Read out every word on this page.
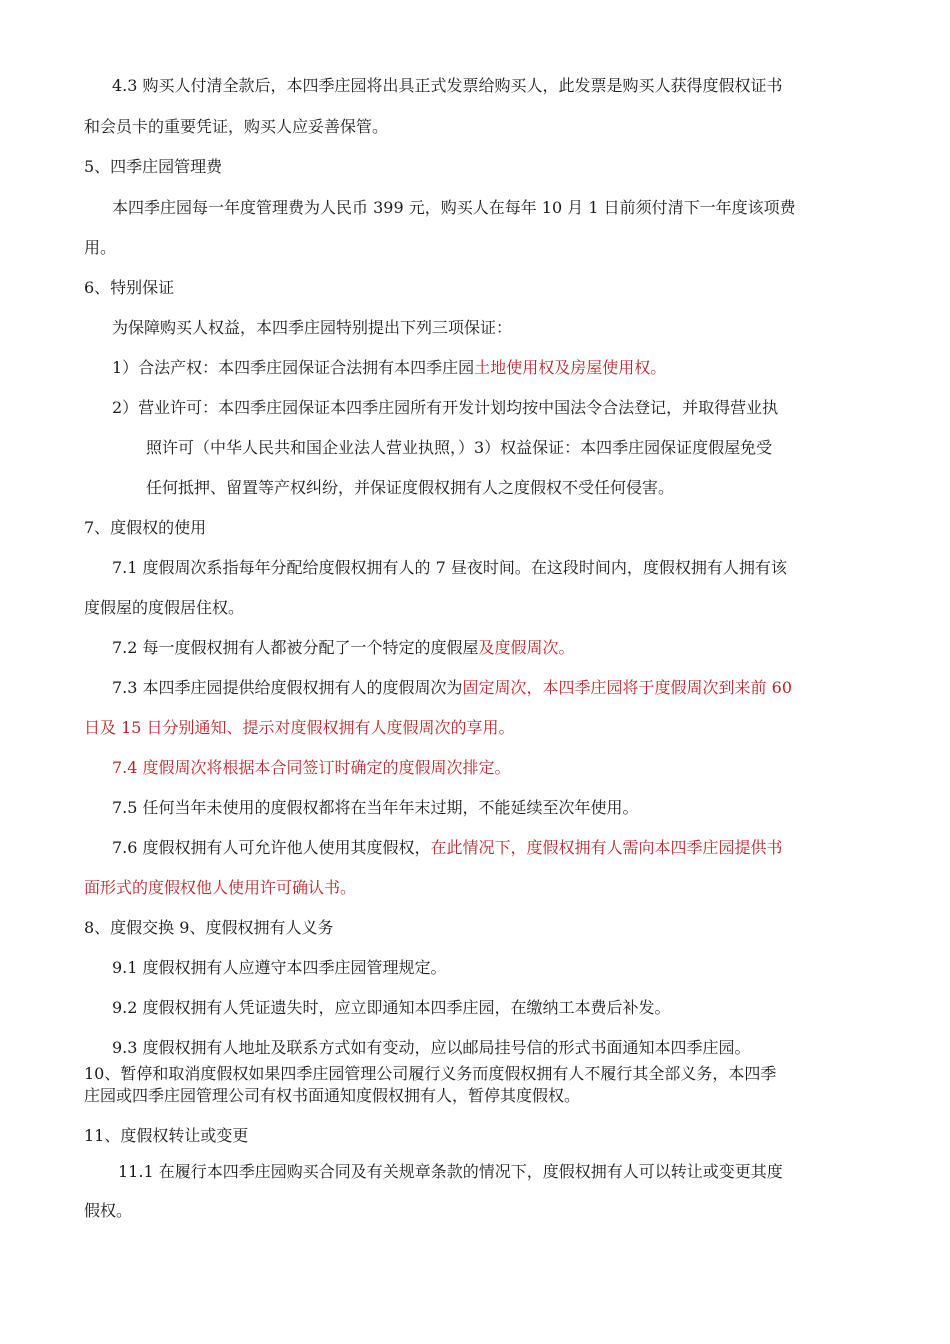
4.3 购买人付清全款后，本四季庄园将出具正式发票给购买人，此发票是购买人获得度假权证书
和会员卡的重要凭证，购买人应妥善保管。
5、四季庄园管理费
本四季庄园每一年度管理费为人民币 399 元，购买人在每年 10 月 1 日前须付清下一年度该项费
用。
6、特别保证
为保障购买人权益，本四季庄园特别提出下列三项保证：
1）合法产权：本四季庄园保证合法拥有本四季庄园土地使用权及房屋使用权。
2）营业许可：本四季庄园保证本四季庄园所有开发计划均按中国法令合法登记，并取得营业执
照许可（中华人民共和国企业法人营业执照，）3）权益保证：本四季庄园保证度假屋免受
任何抵押、留置等产权纠纷，并保证度假权拥有人之度假权不受任何侵害。
7、度假权的使用
7.1 度假周次系指每年分配给度假权拥有人的 7 昼夜时间。在这段时间内，度假权拥有人拥有该
度假屋的度假居住权。
7.2 每一度假权拥有人都被分配了一个特定的度假屋及度假周次。
7.3 本四季庄园提供给度假权拥有人的度假周次为固定周次，本四季庄园将于度假周次到来前 60
日及 15 日分别通知、提示对度假权拥有人度假周次的享用。
7.4 度假周次将根据本合同签订时确定的度假周次排定。
7.5 任何当年未使用的度假权都将在当年年末过期，不能延续至次年使用。
7.6 度假权拥有人可允许他人使用其度假权，在此情况下，度假权拥有人需向本四季庄园提供书
面形式的度假权他人使用许可确认书。
8、度假交换 9、度假权拥有人义务
9.1 度假权拥有人应遵守本四季庄园管理规定。
9.2 度假权拥有人凭证遗失时，应立即通知本四季庄园，在缴纳工本费后补发。
9.3 度假权拥有人地址及联系方式如有变动，应以邮局挂号信的形式书面通知本四季庄园。
10、暂停和取消度假权如果四季庄园管理公司履行义务而度假权拥有人不履行其全部义务，本四季
庄园或四季庄园管理公司有权书面通知度假权拥有人，暂停其度假权。
11、度假权转让或变更
11.1 在履行本四季庄园购买合同及有关规章条款的情况下，度假权拥有人可以转让或变更其度
假权。
